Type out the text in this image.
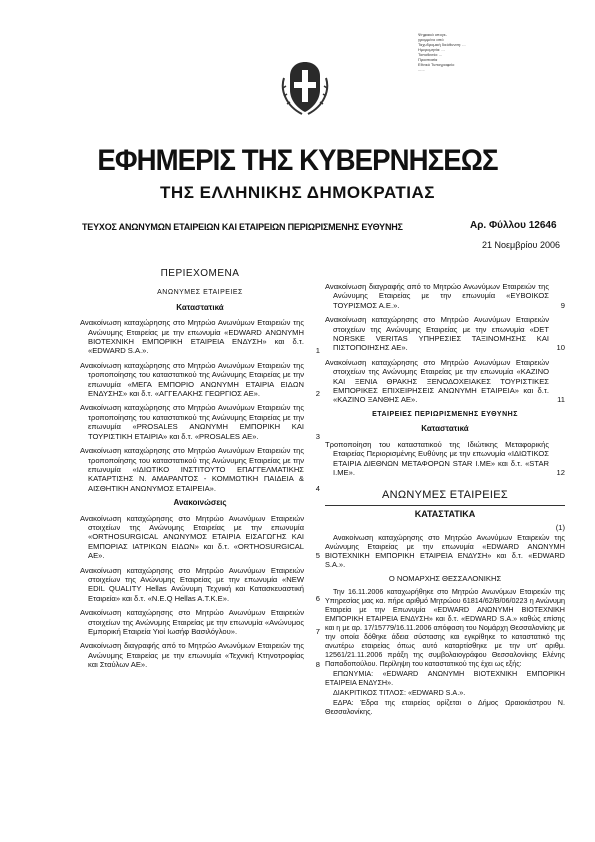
Ψηφιακά υπογε-
γραμμένο από
Ταχυδρομική διεύθυνση: ...
Ημερομηνία: ...
Τοποθεσία: ...
Προστασία
Εθνικό Τυπογραφείο
......
ΕΦΗΜΕΡΙΣ ΤΗΣ ΚΥΒΕΡΝΗΣΕΩΣ
ΤΗΣ ΕΛΛΗΝΙΚΗΣ ΔΗΜΟΚΡΑΤΙΑΣ
ΤΕΥΧΟΣ ΑΝΩΝΥΜΩΝ ΕΤΑΙΡΕΙΩΝ ΚΑΙ ΕΤΑΙΡΕΙΩΝ ΠΕΡΙΩΡΙΣΜΕΝΗΣ ΕΥΘΥΝΗΣ	Αρ. Φύλλου 12646
21 Νοεμβρίου 2006
ΠΕΡΙΕΧΟΜΕΝΑ
ΑΝΩΝΥΜΕΣ ΕΤΑΙΡΕΙΕΣ
Καταστατικά
Ανακοίνωση καταχώρησης στο Μητρώο Ανωνύμων Εταιρειών της Ανώνυμης Εταιρείας με την επωνυμία «EDWARD ΑΝΩΝΥΜΗ ΒΙΟΤΕΧΝΙΚΗ ΕΜΠΟΡΙΚΗ ΕΤΑΙΡΕΙΑ ΕΝΔΥΣΗ» και δ.τ. «EDWARD S.A.».	1
Ανακοίνωση καταχώρησης στο Μητρώο Ανωνύμων Εταιρειών της τροποποίησης του καταστατικού της Ανώνυμης Εταιρείας με την επωνυμία «ΜΕΓΑ ΕΜΠΟΡΙΟ ΑΝΩΝΥΜΗ ΕΤΑΙΡΙΑ ΕΙΔΩΝ ΕΝΔΥΣΗΣ» και δ.τ. «ΑΓΓΕΛΑΚΗΣ ΓΕΩΡΓΙΟΣ ΑΕ».	2
Ανακοίνωση καταχώρησης στο Μητρώο Ανωνύμων Εταιρειών της τροποποίησης του καταστατικού της Ανώνυμης Εταιρείας με την επωνυμία «PROSALES ΑΝΩΝΥΜΗ ΕΜΠΟΡΙΚΗ ΚΑΙ ΤΟΥΡΙΣΤΙΚΗ ΕΤΑΙΡΙΑ» και δ.τ. «PROSALES ΑΕ».	3
Ανακοίνωση καταχώρησης στο Μητρώο Ανωνύμων Εταιρειών της τροποποίησης του καταστατικού της Ανώνυμης Εταιρείας με την επωνυμία «ΙΔΙΩΤΙΚΟ ΙΝΣΤΙΤΟΥΤΟ ΕΠΑΓΓΕΛΜΑΤΙΚΗΣ ΚΑΤΑΡΤΙΣΗΣ Ν. ΑΜΑΡΑΝΤΟΣ - ΚΟΜΜΩΤΙΚΗ ΠΑΙΔΕΙΑ & ΑΙΣΘΗΤΙΚΗ ΑΝΩΝΥΜΟΣ ΕΤΑΙΡΕΙΑ».	4
Ανακοινώσεις
Ανακοίνωση καταχώρησης στο Μητρώο Ανωνύμων Εταιρειών στοιχείων της Ανώνυμης Εταιρείας με την επωνυμία «ORTHOSURGICAL ΑΝΩΝΥΜΟΣ ΕΤΑΙΡΙΑ ΕΙΣΑΓΩΓΗΣ ΚΑΙ ΕΜΠΟΡΙΑΣ ΙΑΤΡΙΚΩΝ ΕΙΔΩΝ» και δ.τ. «ORTHOSURGICAL AE».	5
Ανακοίνωση καταχώρησης στο Μητρώο Ανωνύμων Εταιρειών στοιχείων της Ανώνυμης Εταιρείας με την επωνυμία «NEW EDIL QUALITY Hellas Ανώνυμη Τεχνική και Κατασκευαστική Εταιρεία» και δ.τ. «N.E.Q Hellas A.T.K.E».	6
Ανακοίνωση καταχώρησης στο Μητρώο Ανωνύμων Εταιρειών στοιχείων της Ανώνυμης Εταιρείας με την επωνυμία «Ανώνυμος Εμπορική Εταιρεία Υιοί Ιωσήφ Βασιλόγλου».	7
Ανακοίνωση διαγραφής από το Μητρώο Ανωνύμων Εταιρειών της Ανώνυμης Εταιρείας με την επωνυμία «Τεχνική Κτηνοτροφίας και Σταύλων ΑΕ».	8
Ανακοίνωση διαγραφής από το Μητρώο Ανωνύμων Εταιρειών της Ανώνυμης Εταιρείας με την επωνυμία «ΕΥΒΟΙΚΟΣ ΤΟΥΡΙΣΜΟΣ Α.Ε.».	9
Ανακοίνωση καταχώρησης στο Μητρώο Ανωνύμων Εταιρειών στοιχείων της Ανώνυμης Εταιρείας με την επωνυμία «DET NORSKE VERITAS ΥΠΗΡΕΣΙΕΣ ΤΑΞΙΝΟΜΗΣΗΣ ΚΑΙ ΠΙΣΤΟΠΟΙΗΣΗΣ ΑΕ».	10
Ανακοίνωση καταχώρησης στο Μητρώο Ανωνύμων Εταιρειών στοιχείων της Ανώνυμης Εταιρείας με την επωνυμία «ΚΑΖΙΝΟ ΚΑΙ ΞΕΝΙΑ ΘΡΑΚΗΣ ΞΕΝΟΔΟΧΕΙΑΚΕΣ ΤΟΥΡΙΣΤΙΚΕΣ ΕΜΠΟΡΙΚΕΣ ΕΠΙΧΕΙΡΗΣΕΙΣ ΑΝΩΝΥΜΗ ΕΤΑΙΡΕΙΑ» και δ.τ. «ΚΑΖΙΝΟ ΞΑΝΘΗΣ ΑΕ».	11
ΕΤΑΙΡΕΙΕΣ ΠΕΡΙΩΡΙΣΜΕΝΗΣ ΕΥΘΥΝΗΣ
Καταστατικά
Τροποποίηση του καταστατικού της Ιδιώτικης Μεταφορικής Εταιρείας Περιορισμένης Ευθύνης με την επωνυμία «ΙΔΙΩΤΙΚΟΣ ΕΤΑΙΡΙΑ ΔΙΕΘΝΩΝ ΜΕΤΑΦΟΡΩΝ STAR I.ME» και δ.τ. «STAR I.ME».	12
ΑΝΩΝΥΜΕΣ ΕΤΑΙΡΕΙΕΣ
ΚΑΤΑΣΤΑΤΙΚΑ
(1)
Ανακοίνωση καταχώρησης στο Μητρώο Ανωνύμων Εταιρειών της Ανώνυμης Εταιρείας με την επωνυμία «EDWARD ΑΝΩΝΥΜΗ ΒΙΟΤΕΧΝΙΚΗ ΕΜΠΟΡΙΚΗ ΕΤΑΙΡΕΙΑ ΕΝΔΥΣΗ» και δ.τ. «EDWARD S.A.».
Ο ΝΟΜΑΡΧΗΣ ΘΕΣΣΑΛΟΝΙΚΗΣ
Την 16.11.2006 καταχωρήθηκε στο Μητρώο Ανωνύμων Εταιρειών της Υπηρεσίας μας κα. πήρε αριθμό Μητρώου 61814/62/Β/06/0223 η Ανώνυμη Εταιρεία με την Επωνυμία «EDWARD ΑΝΩΝΥΜΗ ΒΙΟΤΕΧΝΙΚΗ ΕΜΠΟΡΙΚΗ ΕΤΑΙΡΕΙΑ ΕΝΔΥΣΗ» και δ.τ. «EDWARD S.A.» καθώς επίσης και η με αρ. 17/15779/16.11.2006 απόφαση του Νομάρχη Θεσσαλονίκης με την οποία δόθηκε άδεια σύστασης και εγκρίθηκε το καταστατικό της ανωτέρω εταιρείας όπως αυτό καταρτίσθηκε με την υπ' αριθμ. 12561/21.11.2006 πράξη της συμβολαιογράφου Θεσσαλονίκης Ελένης Παπαδοπούλου. Περίληψη του καταστατικού της έχει ως εξής:
ΕΠΩΝΥΜΙΑ: «EDWARD ΑΝΩΝΥΜΗ ΒΙΟΤΕΧΝΙΚΗ ΕΜΠΟΡΙΚΗ ΕΤΑΙΡΕΙΑ ΕΝΔΥΣΗ».
ΔΙΑΚΡΙΤΙΚΟΣ ΤΙΤΛΟΣ: «EDWARD S.A.».
ΕΔΡΑ: Έδρα της εταιρείας ορίζεται ο Δήμος Ωραιοκάστρου Ν. Θεσσαλονίκης.
